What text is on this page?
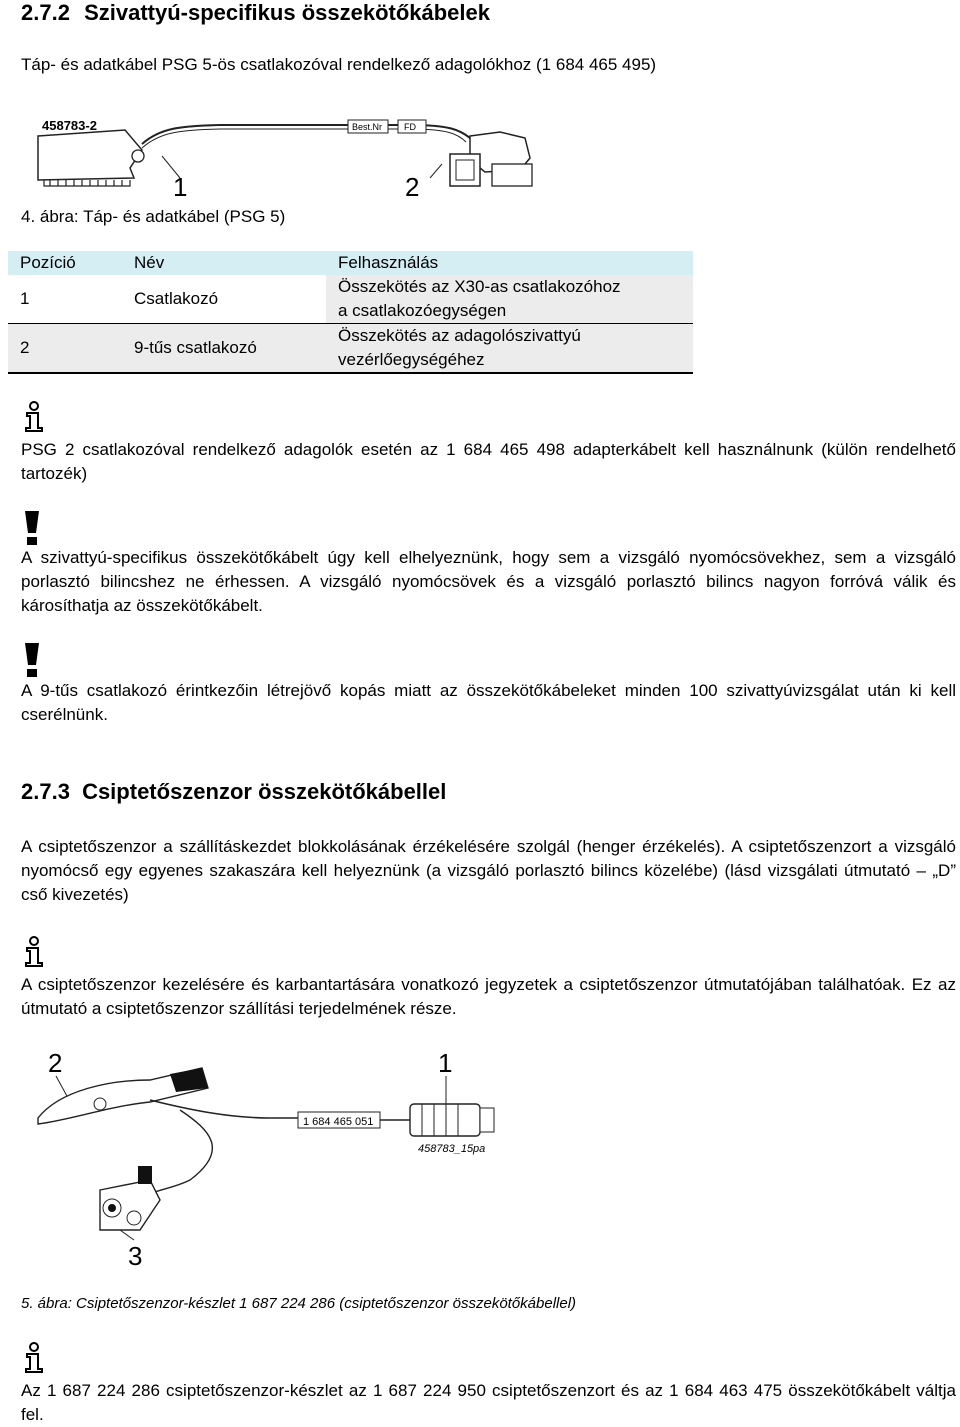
2.7.2 Szivattyú-specifikus összekötőkábelek
Táp- és adatkábel PSG 5-ös csatlakozóval rendelkező adagolókhoz (1 684 465 495)
458783-2	Best.Nr FD
1	2
4. ábra: Táp- és adatkábel (PSG 5)
Pozíció	Név	Felhasználás
1	Csatlakozó	Összekötés az X30-as csatlakozóhoz
a csatlakozóegységen

2	9-tűs csatlakozó	Összekötés az adagolószivattyú
vezérlőegységéhez
PSG 2 csatlakozóval rendelkező adagolók esetén az 1 684 465 498 adapterkábelt kell használnunk (külön rendelhető tartozék)
A szivattyú-specifikus összekötőkábelt úgy kell elhelyeznünk, hogy sem a vizsgáló nyomócsövekhez, sem a vizsgáló porlasztó bilincshez ne érhessen. A vizsgáló nyomócsövek és a vizsgáló porlasztó bilincs nagyon forróvá válik és károsíthatja az összekötőkábelt.
A 9-tűs csatlakozó érintkezőin létrejövő kopás miatt az összekötőkábeleket minden 100 szivattyúvizsgálat után ki kell cserélnünk.
2.7.3 Csiptetőszenzor összekötőkábellel
A csiptetőszenzor a szállításkezdet blokkolásának érzékelésére szolgál (henger érzékelés). A csiptetőszenzort a vizsgáló nyomócső egy egyenes szakaszára kell helyeznünk (a vizsgáló porlasztó bilincs közelébe) (lásd vizsgálati útmutató – „D” cső kivezetés)
A csiptetőszenzor kezelésére és karbantartására vonatkozó jegyzetek a csiptetőszenzor útmutatójában találhatóak. Ez az útmutató a csiptetőszenzor szállítási terjedelmének része.
2	1
3
1 684 465 051
458783_15pa
5. ábra: Csiptetőszenzor-készlet 1 687 224 286 (csiptetőszenzor összekötőkábellel)
Az 1 687 224 286 csiptetőszenzor-készlet az 1 687 224 950 csiptetőszenzort és az 1 684 463 475 összekötőkábelt váltja fel.
